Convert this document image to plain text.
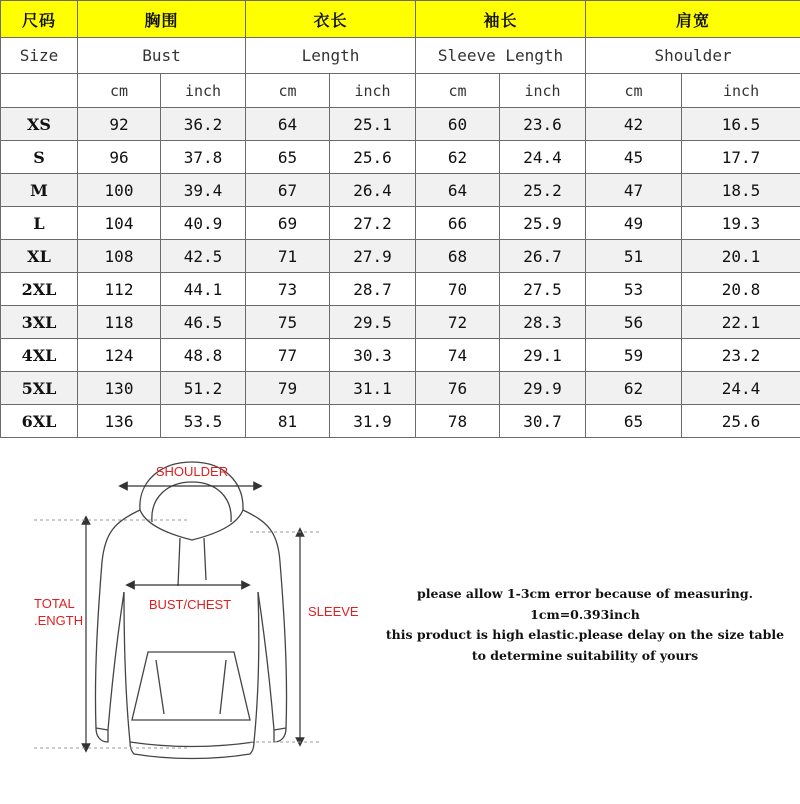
尺码	胸围		衣长		袖长		肩宽	
Size	Bust		Length		Sleeve Length		Shoulder	
	cm	inch	cm	inch	cm	inch	cm	inch
XS	92	36.2	64	25.1	60	23.6	42	16.5
S	96	37.8	65	25.6	62	24.4	45	17.7
M	100	39.4	67	26.4	64	25.2	47	18.5
L	104	40.9	69	27.2	66	25.9	49	19.3
XL	108	42.5	71	27.9	68	26.7	51	20.1
2XL	112	44.1	73	28.7	70	27.5	53	20.8
3XL	118	46.5	75	29.5	72	28.3	56	22.1
4XL	124	48.8	77	30.3	74	29.1	59	23.2
5XL	130	51.2	79	31.1	76	29.9	62	24.4
6XL	136	53.5	81	31.9	78	30.7	65	25.6
SHOULDER
BUST/CHEST
TOTAL
.ENGTH
SLEEVE
please allow 1-3cm error because of measuring.
1cm=0.393inch
this product is high elastic.please delay on the size table
to determine suitability of yours
